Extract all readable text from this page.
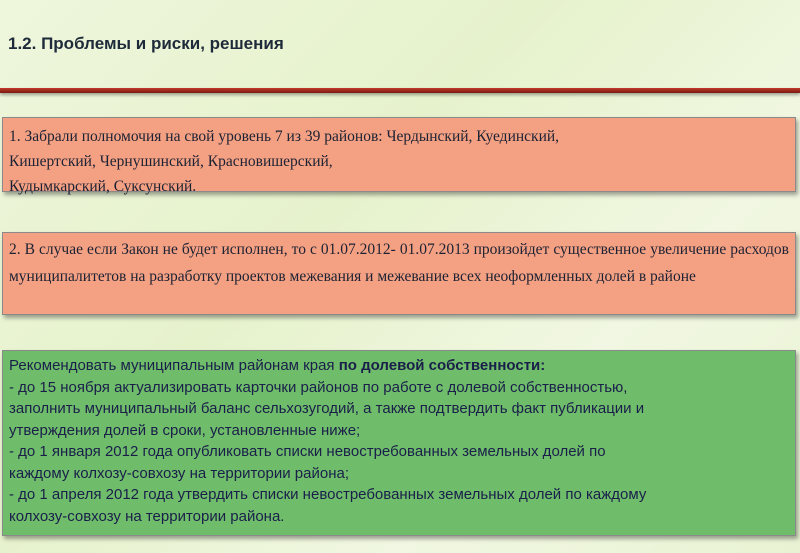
1.2. Проблемы и риски, решения
1. Забрали полномочия на свой уровень 7 из 39 районов: Чердынский, Куединский,
Кишертский, Чернушинский, Красновишерский,
Кудымкарский, Суксунский.
2. В случае если Закон не будет исполнен, то с 01.07.2012- 01.07.2013 произойдет существенное увеличение расходов муниципалитетов на разработку проектов межевания и межевание всех неоформленных долей в районе
Рекомендовать муниципальным районам края по долевой собственности:
- до 15 ноября актуализировать карточки районов по работе с долевой собственностью,
заполнить муниципальный баланс сельхозугодий, а также подтвердить факт публикации и
утверждения долей в сроки, установленные ниже;
- до 1 января 2012 года опубликовать списки невостребованных земельных долей по
каждому колхозу-совхозу на территории района;
- до 1 апреля 2012 года утвердить списки невостребованных земельных долей по каждому
колхозу-совхозу на территории района.
